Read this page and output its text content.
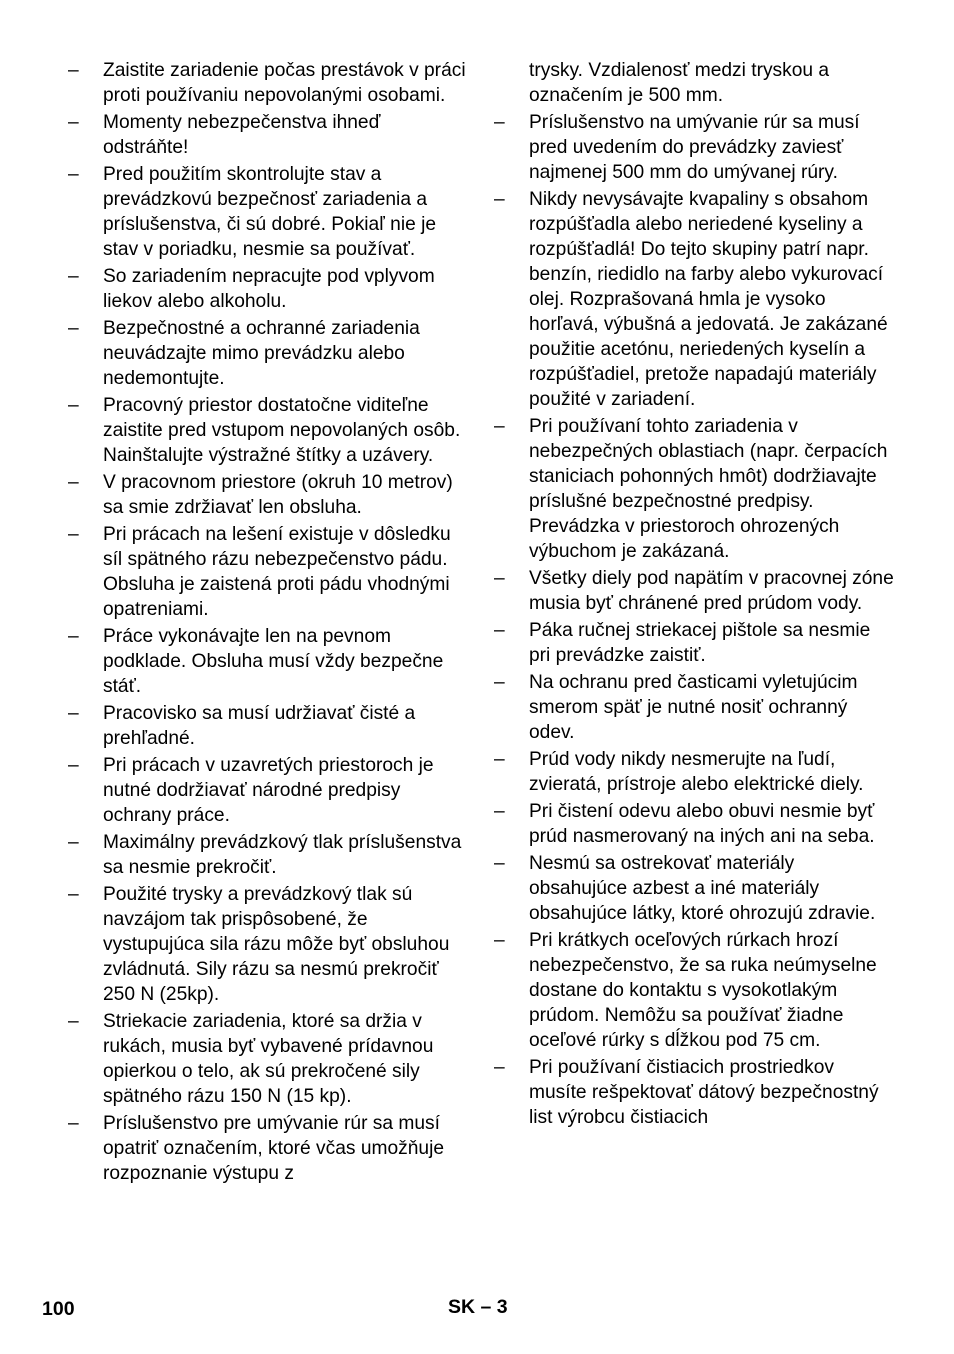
–	Zaistite zariadenie počas prestávok v práci proti používaniu nepovolanými osobami.
–	Momenty nebezpečenstva ihneď odstráňte!
–	Pred použitím skontrolujte stav a prevádzkovú bezpečnosť zariadenia a príslušenstva, či sú dobré. Pokiaľ nie je stav v poriadku, nesmie sa používať.
–	So zariadením nepracujte pod vplyvom liekov alebo alkoholu.
–	Bezpečnostné a ochranné zariadenia neuvádzajte mimo prevádzku alebo nedemontujte.
–	Pracovný priestor dostatočne viditeľne zaistite pred vstupom nepovolaných osôb. Nainštalujte výstražné štítky a uzávery.
–	V pracovnom priestore (okruh 10 metrov) sa smie zdržiavať len obsluha.
–	Pri prácach na lešení existuje v dôsledku síl spätného rázu nebezpečenstvo pádu. Obsluha je zaistená proti pádu vhodnými opatreniami.
–	Práce vykonávajte len na pevnom podklade. Obsluha musí vždy bezpečne stáť.
–	Pracovisko sa musí udržiavať čisté a prehľadné.
–	Pri prácach v uzavretých priestoroch je nutné dodržiavať národné predpisy ochrany práce.
–	Maximálny prevádzkový tlak príslušenstva sa nesmie prekročiť.
–	Použité trysky a prevádzkový tlak sú navzájom tak prispôsobené, že vystupujúca sila rázu môže byť obsluhou zvládnutá. Sily rázu sa nesmú prekročiť 250 N (25kp).
–	Striekacie zariadenia, ktoré sa držia v rukách, musia byť vybavené prídavnou opierkou o telo, ak sú prekročené sily spätného rázu 150 N (15 kp).
–	Príslušenstvo pre umývanie rúr sa musí opatriť označením, ktoré včas umožňuje rozpoznanie výstupu z
trysky. Vzdialenosť medzi tryskou a označením je 500 mm.
–	Príslušenstvo na umývanie rúr sa musí pred uvedením do prevádzky zaviesť najmenej 500 mm do umývanej rúry.
–	Nikdy nevysávajte kvapaliny s obsahom rozpúšťadla alebo neriedené kyseliny a rozpúšťadlá! Do tejto skupiny patrí napr. benzín, riedidlo na farby alebo vykurovací olej. Rozprašovaná hmla je vysoko horľavá, výbušná a jedovatá. Je zakázané použitie acetónu, neriedených kyselín a rozpúšťadiel, pretože napadajú materiály použité v zariadení.
–	Pri používaní tohto zariadenia v nebezpečných oblastiach (napr. čerpacích staniciach pohonných hmôt) dodržiavajte príslušné bezpečnostné predpisy. Prevádzka v priestoroch ohrozených výbuchom je zakázaná.
–	Všetky diely pod napätím v pracovnej zóne musia byť chránené pred prúdom vody.
–	Páka ručnej striekacej pištole sa nesmie pri prevádzke zaistiť.
–	Na ochranu pred časticami vyletujúcim smerom späť je nutné nosiť ochranný odev.
–	Prúd vody nikdy nesmerujte na ľudí, zvieratá, prístroje alebo elektrické diely.
–	Pri čistení odevu alebo obuvi nesmie byť prúd nasmerovaný na iných ani na seba.
–	Nesmú sa ostrekovať materiály obsahujúce azbest a iné materiály obsahujúce látky, ktoré ohrozujú zdravie.
–	Pri krátkych oceľových rúrkach hrozí nebezpečenstvo, že sa ruka neúmyselne dostane do kontaktu s vysokotlakým prúdom. Nemôžu sa používať žiadne oceľové rúrky s dĺžkou pod 75 cm.
–	Pri používaní čistiacich prostriedkov musíte rešpektovať dátový bezpečnostný list výrobcu čistiacich
100	SK – 3
